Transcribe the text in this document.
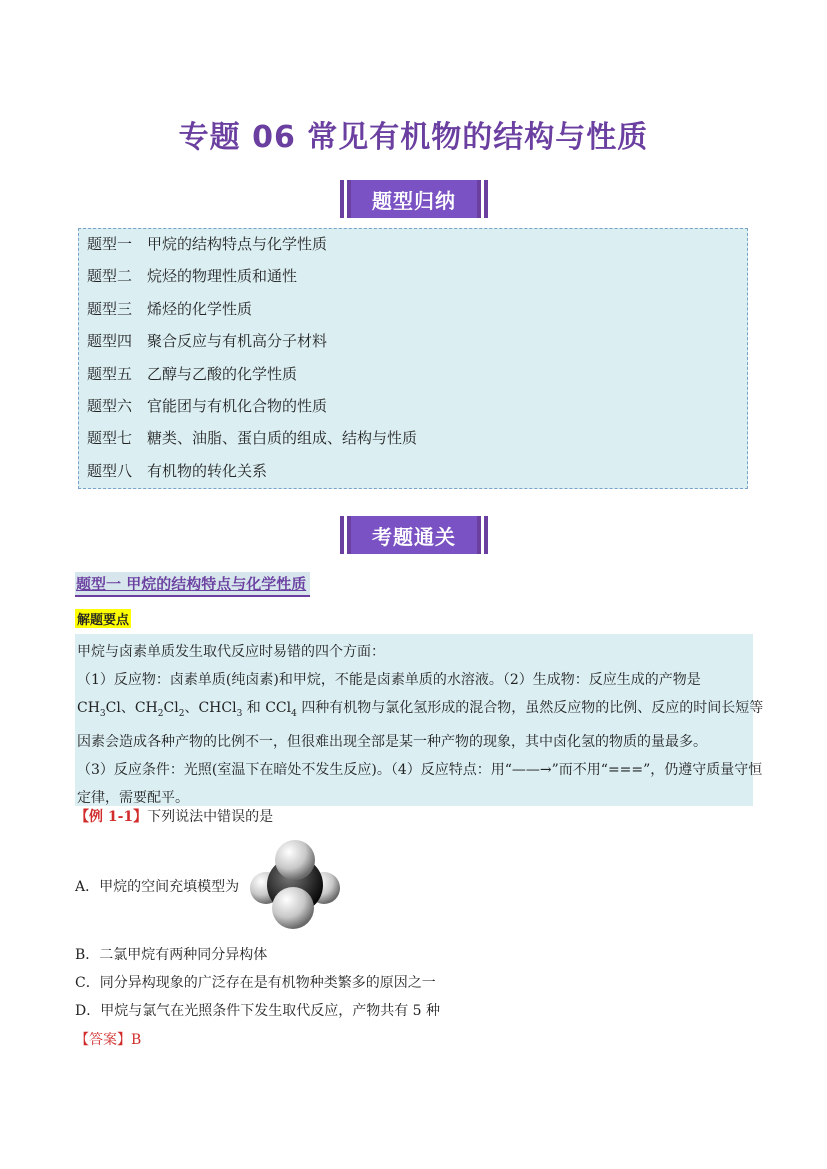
专题 06 常见有机物的结构与性质
题型归纳
题型一 甲烷的结构特点与化学性质
题型二 烷烃的物理性质和通性
题型三 烯烃的化学性质
题型四 聚合反应与有机高分子材料
题型五 乙醇与乙酸的化学性质
题型六 官能团与有机化合物的性质
题型七 糖类、油脂、蛋白质的组成、结构与性质
题型八 有机物的转化关系
考题通关
题型一 甲烷的结构特点与化学性质
解题要点

甲烷与卤素单质发生取代反应时易错的四个方面：

（1）反应物：卤素单质(纯卤素)和甲烷，不能是卤素单质的水溶液。（2）生成物：反应生成的产物是

$CH_3Cl$、$CH_2Cl_2$、CHCl$_3$ 和 CCl$_4$ 四种有机物与氯化氢形成的混合物，虽然反应物的比例、反应的时间长短等

因素会造成各种产物的比例不一，但很难出现全部是某一种产物的现象，其中卤化氢的物质的量最多。

（3）反应条件：光照(室温下在暗处不发生反应)。（4）反应特点：用“——→”而不用“===”，仍遵守质量守恒

定律，需要配平。

【例 1-1】下列说法中错误的是
A．甲烷的空间充填模型为
B．二氯甲烷有两种同分异构体
C．同分异构现象的广泛存在是有机物种类繁多的原因之一
D．甲烷与氯气在光照条件下发生取代反应，产物共有 5 种
【答案】B
